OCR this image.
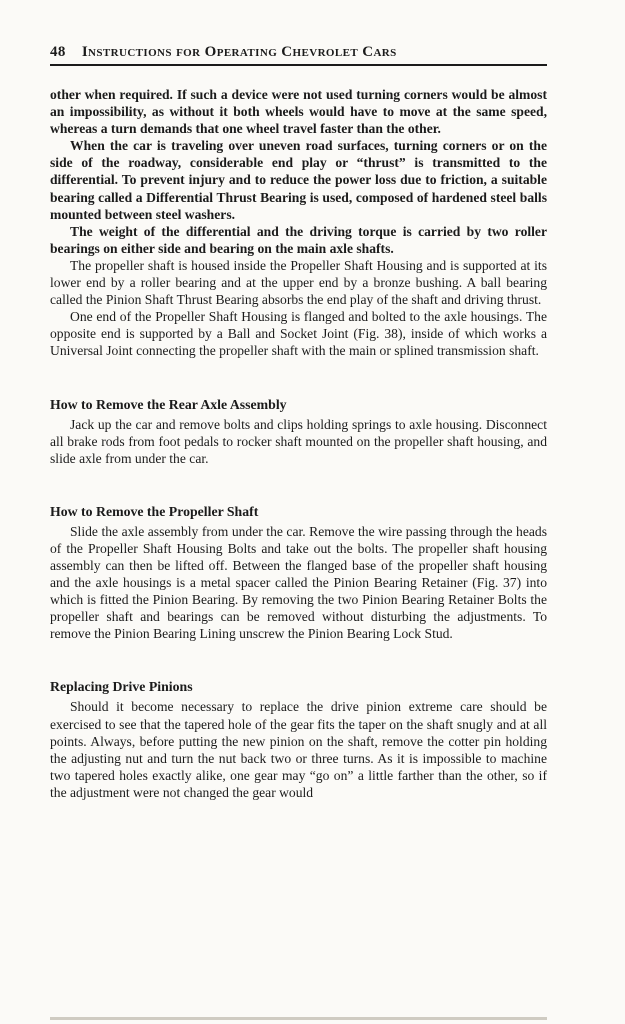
48 Instructions for Operating Chevrolet Cars

other when required. If such a device were not used turning corners would be almost an impossibility, as without it both wheels would have to move at the same speed, whereas a turn demands that one wheel travel faster than the other.

When the car is traveling over uneven road surfaces, turning corners or on the side of the roadway, considerable end play or “thrust” is transmitted to the differential. To prevent injury and to reduce the power loss due to friction, a suitable bearing called a Differential Thrust Bearing is used, composed of hardened steel balls mounted between steel washers.

The weight of the differential and the driving torque is carried by two roller bearings on either side and bearing on the main axle shafts.

The propeller shaft is housed inside the Propeller Shaft Housing and is supported at its lower end by a roller bearing and at the upper end by a bronze bushing. A ball bearing called the Pinion Shaft Thrust Bearing absorbs the end play of the shaft and driving thrust.

One end of the Propeller Shaft Housing is flanged and bolted to the axle housings. The opposite end is supported by a Ball and Socket Joint (Fig. 38), inside of which works a Universal Joint connecting the propeller shaft with the main or splined transmission shaft.

How to Remove the Rear Axle Assembly

Jack up the car and remove bolts and clips holding springs to axle housing. Disconnect all brake rods from foot pedals to rocker shaft mounted on the propeller shaft housing, and slide axle from under the car.

How to Remove the Propeller Shaft

Slide the axle assembly from under the car. Remove the wire passing through the heads of the Propeller Shaft Housing Bolts and take out the bolts. The propeller shaft housing assembly can then be lifted off. Between the flanged base of the propeller shaft housing and the axle housings is a metal spacer called the Pinion Bearing Retainer (Fig. 37) into which is fitted the Pinion Bearing. By removing the two Pinion Bearing Retainer Bolts the propeller shaft and bearings can be removed without disturbing the adjustments. To remove the Pinion Bearing Lining unscrew the Pinion Bearing Lock Stud.

Replacing Drive Pinions

Should it become necessary to replace the drive pinion extreme care should be exercised to see that the tapered hole of the gear fits the taper on the shaft snugly and at all points. Always, before putting the new pinion on the shaft, remove the cotter pin holding the adjusting nut and turn the nut back two or three turns. As it is impossible to machine two tapered holes exactly alike, one gear may “go on” a little farther than the other, so if the adjustment were not changed the gear would
